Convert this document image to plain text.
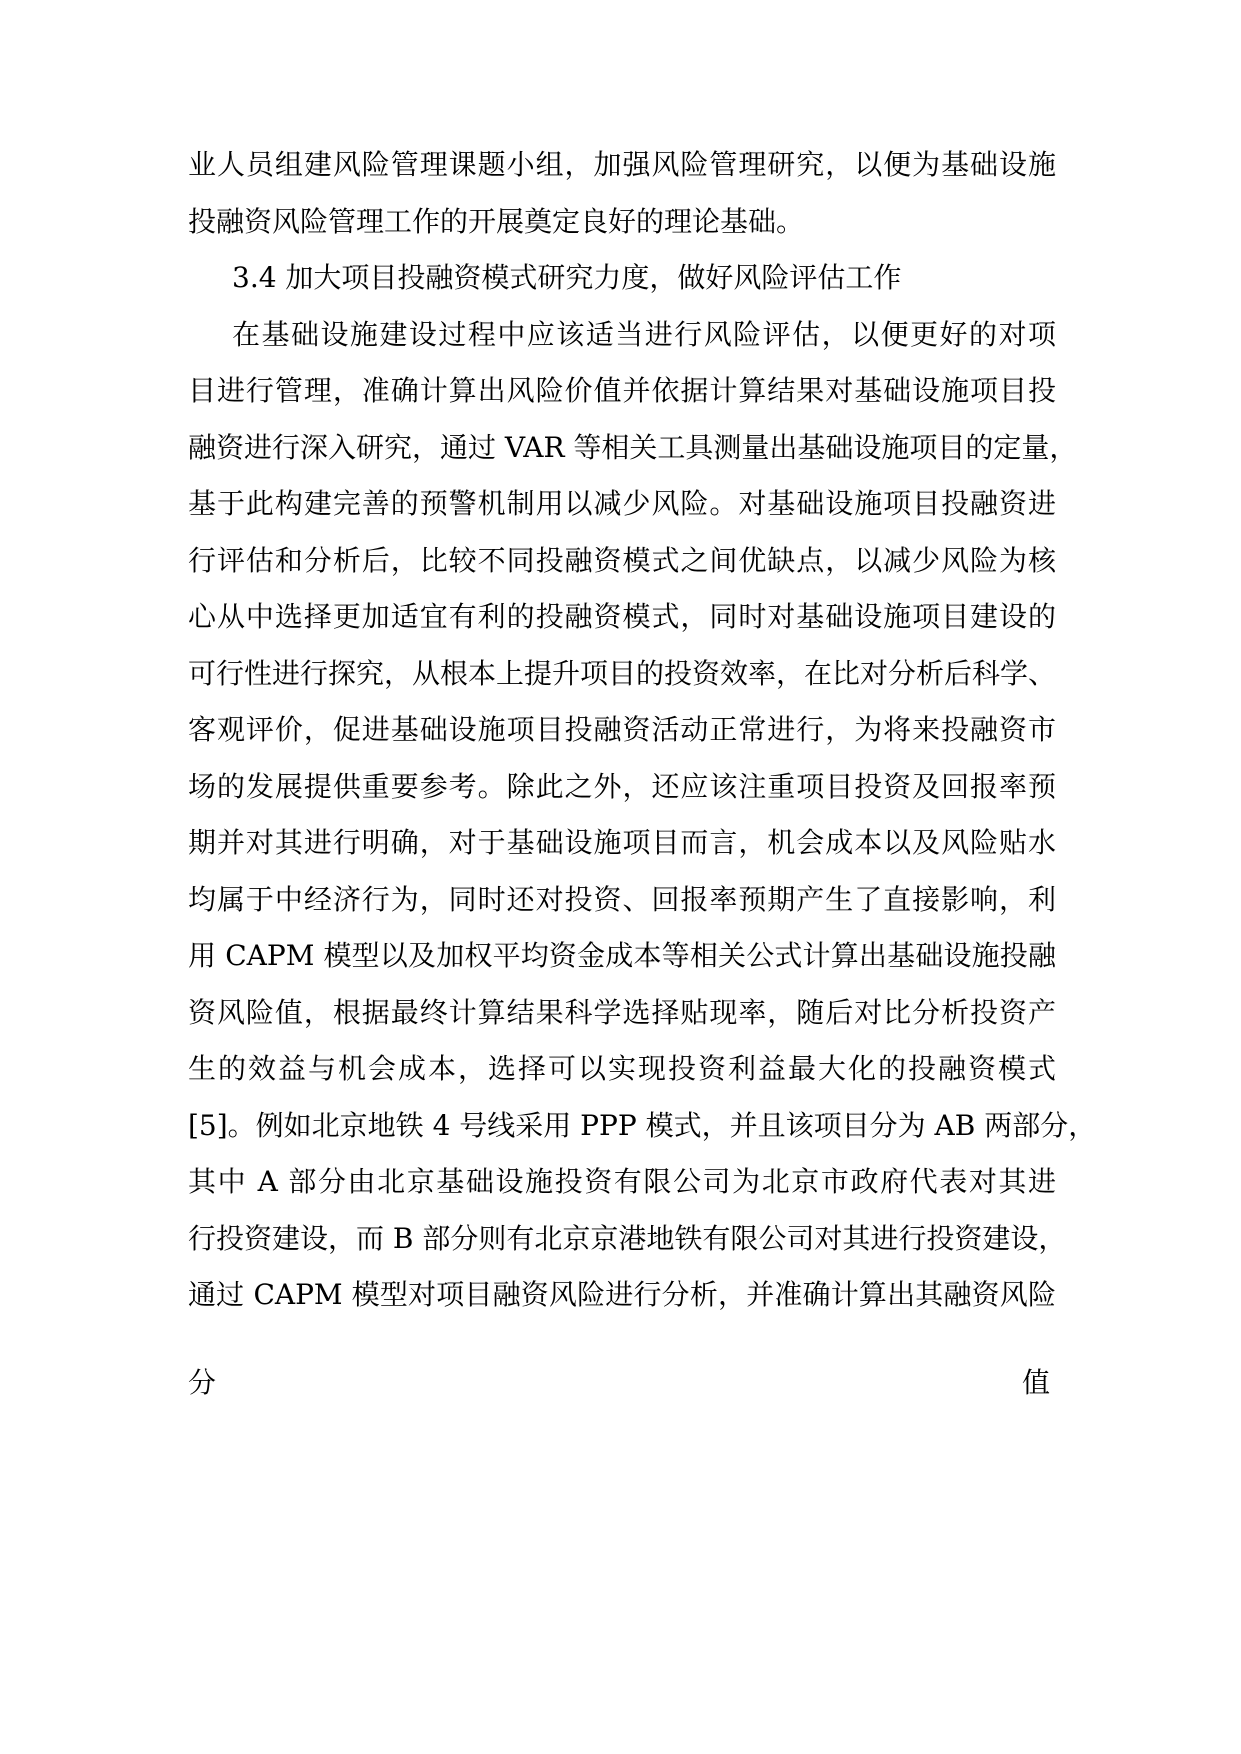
业人员组建风险管理课题小组，加强风险管理研究，以便为基础设施
投融资风险管理工作的开展奠定良好的理论基础。
3.4 加大项目投融资模式研究力度，做好风险评估工作
在基础设施建设过程中应该适当进行风险评估，以便更好的对项
目进行管理，准确计算出风险价值并依据计算结果对基础设施项目投
融资进行深入研究，通过 VAR 等相关工具测量出基础设施项目的定量，
基于此构建完善的预警机制用以减少风险。对基础设施项目投融资进
行评估和分析后，比较不同投融资模式之间优缺点，以减少风险为核
心从中选择更加适宜有利的投融资模式，同时对基础设施项目建设的
可行性进行探究，从根本上提升项目的投资效率，在比对分析后科学、
客观评价，促进基础设施项目投融资活动正常进行，为将来投融资市
场的发展提供重要参考。除此之外，还应该注重项目投资及回报率预
期并对其进行明确，对于基础设施项目而言，机会成本以及风险贴水
均属于中经济行为，同时还对投资、回报率预期产生了直接影响，利
用 CAPM 模型以及加权平均资金成本等相关公式计算出基础设施投融
资风险值，根据最终计算结果科学选择贴现率，随后对比分析投资产
生的效益与机会成本，选择可以实现投资利益最大化的投融资模式
[5]。例如北京地铁 4 号线采用 PPP 模式，并且该项目分为 AB 两部分，
其中 A 部分由北京基础设施投资有限公司为北京市政府代表对其进
行投资建设，而 B 部分则有北京京港地铁有限公司对其进行投资建设，
通过 CAPM 模型对项目融资风险进行分析，并准确计算出其融资风险
分	值
